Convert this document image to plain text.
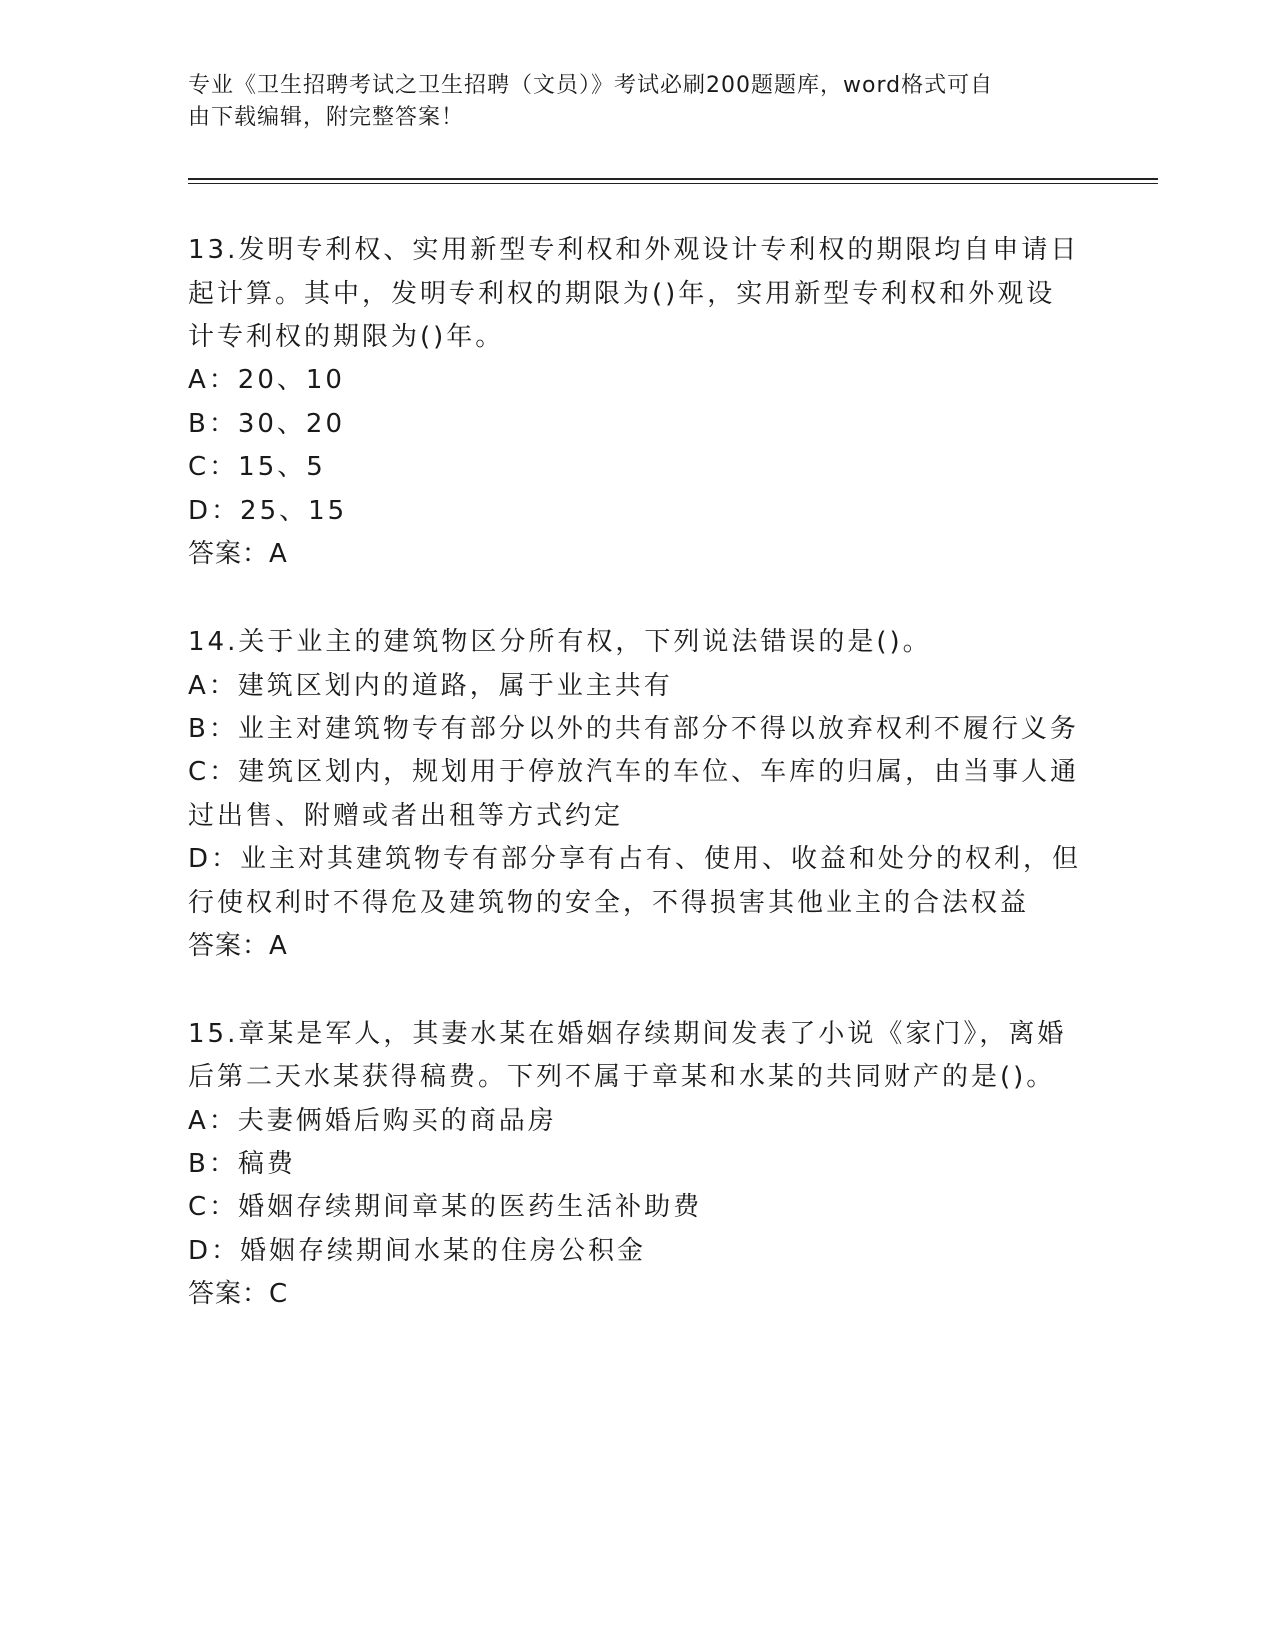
专业《卫生招聘考试之卫生招聘（文员）》考试必刷200题题库，word格式可自
由下载编辑，附完整答案！
13.发明专利权、实用新型专利权和外观设计专利权的期限均自申请日
起计算。其中，发明专利权的期限为()年，实用新型专利权和外观设
计专利权的期限为()年。
A：20、10
B：30、20
C：15、5
D：25、15
答案：A
14.关于业主的建筑物区分所有权，下列说法错误的是()。
A：建筑区划内的道路，属于业主共有
B：业主对建筑物专有部分以外的共有部分不得以放弃权利不履行义务
C：建筑区划内，规划用于停放汽车的车位、车库的归属，由当事人通
过出售、附赠或者出租等方式约定
D：业主对其建筑物专有部分享有占有、使用、收益和处分的权利，但
行使权利时不得危及建筑物的安全，不得损害其他业主的合法权益
答案：A
15.章某是军人，其妻水某在婚姻存续期间发表了小说《家门》，离婚
后第二天水某获得稿费。下列不属于章某和水某的共同财产的是()。
A：夫妻俩婚后购买的商品房
B：稿费
C：婚姻存续期间章某的医药生活补助费
D：婚姻存续期间水某的住房公积金
答案：C
